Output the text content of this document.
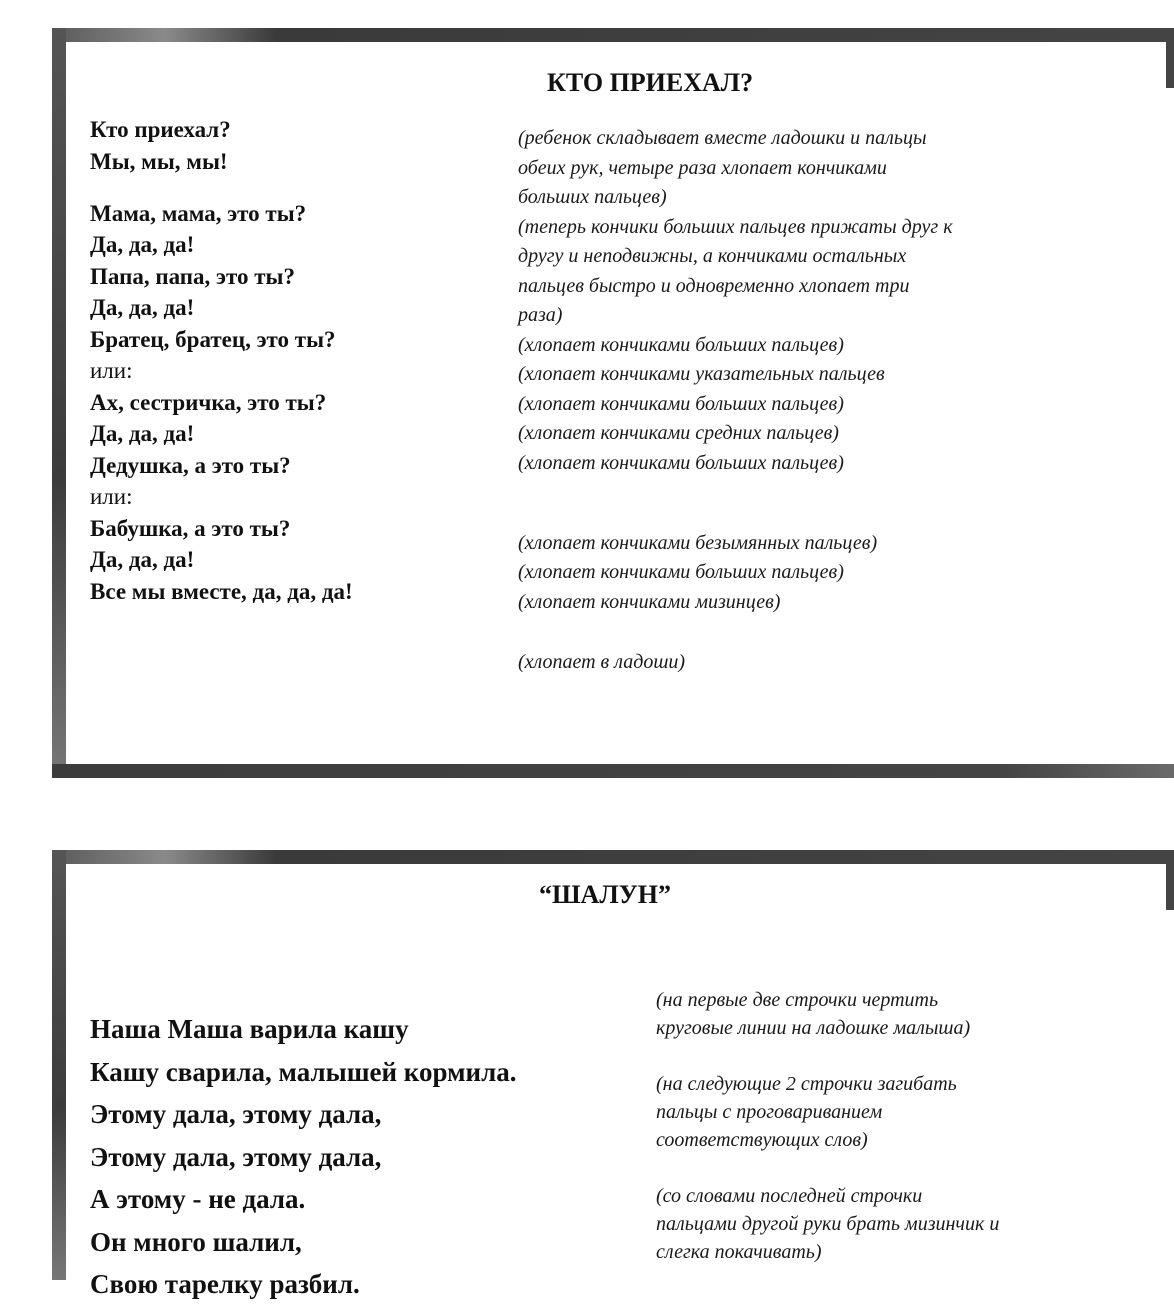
КТО ПРИЕХАЛ?
Кто приехал?
Мы, мы, мы!
Мама, мама, это ты?
Да, да, да!
Папа, папа, это ты?
Да, да, да!
Братец, братец, это ты?
или:
Ах, сестричка, это ты?
Да, да, да!
Дедушка, а это ты?
или:
Бабушка, а это ты?
Да, да, да!
Все мы вместе, да, да, да!
(ребенок складывает вместе ладошки и пальцы
обеих рук, четыре раза хлопает кончиками
больших пальцев)
(теперь кончики больших пальцев прижаты друг к
другу и неподвижны, а кончиками остальных
пальцев быстро и одновременно хлопает три
раза)
(хлопает кончиками больших пальцев)
(хлопает кончиками указательных пальцев
(хлопает кончиками больших пальцев)
(хлопает кончиками средних пальцев)
(хлопает кончиками больших пальцев)
(хлопает кончиками безымянных пальцев)
(хлопает кончиками больших пальцев)
(хлопает кончиками мизинцев)
(хлопает в ладоши)
“ШАЛУН”
Наша Маша варила кашу
Кашу сварила, малышей кормила.
Этому дала, этому дала,
Этому дала, этому дала,
А этому - не дала.
Он много шалил,
Свою тарелку разбил.
(на первые две строчки чертить
круговые линии на ладошке малыша)
(на следующие 2 строчки загибать
пальцы с проговариванием
соответствующих слов)
(со словами последней строчки
пальцами другой руки брать мизинчик и
слегка покачивать)
